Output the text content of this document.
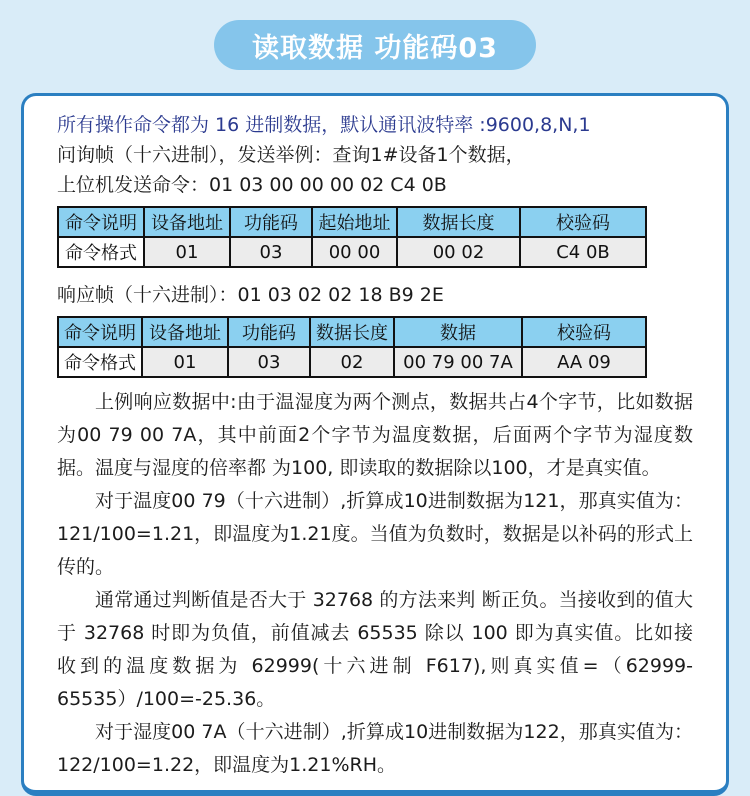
读取数据 功能码03
所有操作命令都为 16 进制数据，默认通讯波特率 :9600,8,N,1
问询帧（十六进制），发送举例：查询1#设备1个数据，
上位机发送命令：01 03 00 00 00 02 C4 0B
命令说明	设备地址	功能码	起始地址	数据长度	校验码
命令格式	01	03	00 00	00 02	C4 0B
响应帧（十六进制）：01 03 02 02 18 B9 2E
命令说明	设备地址	功能码	数据长度	数据	校验码
命令格式	01	03	02	00 79 00 7A	AA 09

上例响应数据中:由于温湿度为两个测点，数据共占4个字节，比如数据为00 79 00 7A，其中前面2个字节为温度数据，后面两个字节为湿度数据。温度与湿度的倍率都 为100, 即读取的数据除以100，才是真实值。

对于温度00 79（十六进制）,折算成10进制数据为121，那真实值为：121/100=1.21，即温度为1.21度。当值为负数时，数据是以补码的形式上传的。

通常通过判断值是否大于 32768 的方法来判 断正负。当接收到的值大于 32768 时即为负值，前值减去 65535 除以 100 即为真实值。比如接 收到的温度数据为 62999(十六进制 F617),则真实值=（62999-65535）/100=-25.36。

对于湿度00 7A（十六进制）,折算成10进制数据为122，那真实值为：122/100=1.22，即温度为1.21%RH。
